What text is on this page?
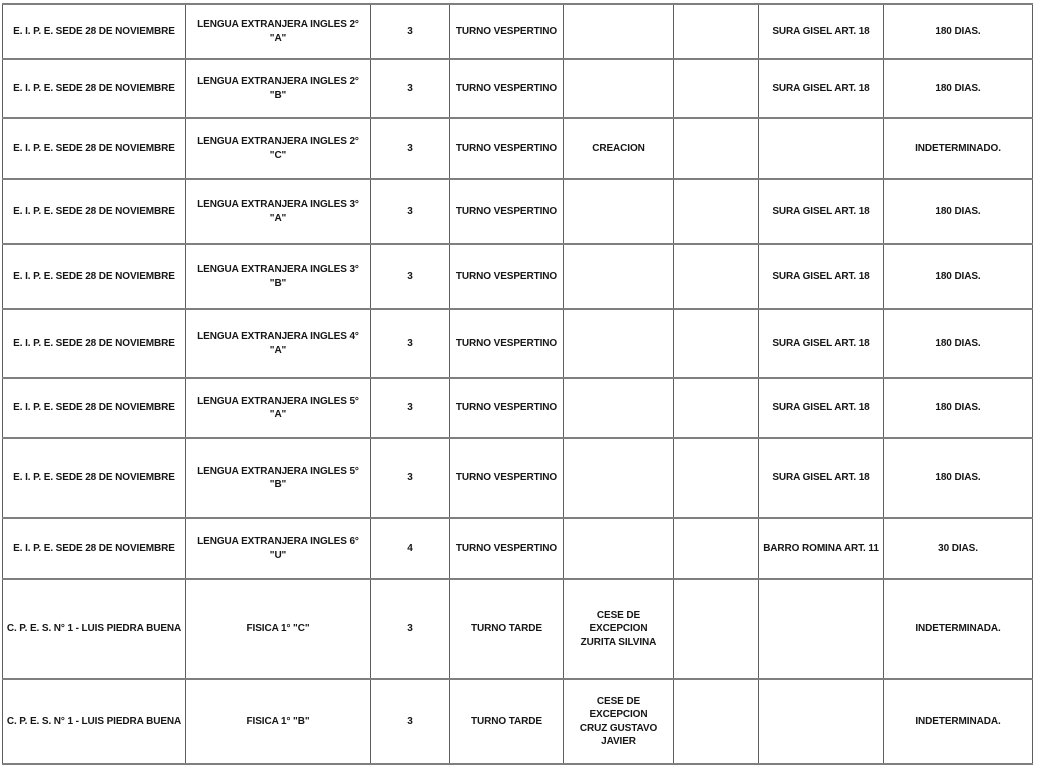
E. I. P. E. SEDE 28 DE NOVIEMBRE	LENGUA EXTRANJERA INGLES 2° "A"	3	TURNO VESPERTINO			SURA GISEL ART. 18	180 DIAS.
E. I. P. E. SEDE 28 DE NOVIEMBRE	LENGUA EXTRANJERA INGLES 2° "B"	3	TURNO VESPERTINO			SURA GISEL ART. 18	180 DIAS.
E. I. P. E. SEDE 28 DE NOVIEMBRE	LENGUA EXTRANJERA INGLES 2° "C"	3	TURNO VESPERTINO	CREACION			INDETERMINADO.
E. I. P. E. SEDE 28 DE NOVIEMBRE	LENGUA EXTRANJERA INGLES 3° "A"	3	TURNO VESPERTINO			SURA GISEL ART. 18	180 DIAS.
E. I. P. E. SEDE 28 DE NOVIEMBRE	LENGUA EXTRANJERA INGLES 3° "B"	3	TURNO VESPERTINO			SURA GISEL ART. 18	180 DIAS.
E. I. P. E. SEDE 28 DE NOVIEMBRE	LENGUA EXTRANJERA INGLES 4° "A"	3	TURNO VESPERTINO			SURA GISEL ART. 18	180 DIAS.
E. I. P. E. SEDE 28 DE NOVIEMBRE	LENGUA EXTRANJERA INGLES 5° "A"	3	TURNO VESPERTINO			SURA GISEL ART. 18	180 DIAS.
E. I. P. E. SEDE 28 DE NOVIEMBRE	LENGUA EXTRANJERA INGLES 5° "B"	3	TURNO VESPERTINO			SURA GISEL ART. 18	180 DIAS.
E. I. P. E. SEDE 28 DE NOVIEMBRE	LENGUA EXTRANJERA INGLES 6° "U"	4	TURNO VESPERTINO			BARRO ROMINA ART. 11	30 DIAS.
C. P. E. S. N° 1 - LUIS PIEDRA BUENA	FISICA 1° "C"	3	TURNO TARDE	CESE DE EXCEPCION ZURITA SILVINA			INDETERMINADA.
C. P. E. S. N° 1 - LUIS PIEDRA BUENA	FISICA 1° "B"	3	TURNO TARDE	CESE DE EXCEPCION CRUZ GUSTAVO JAVIER			INDETERMINADA.
